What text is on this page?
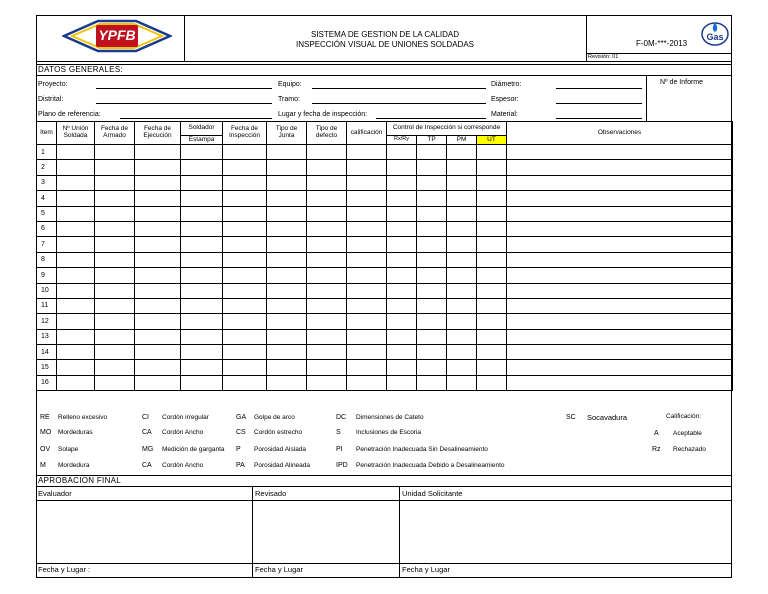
YPFB	SISTEMA DE GESTION DE LA CALIDAD
INSPECCIÓN VISUAL DE UNIONES SOLDADAS	F-0M-***-2013
Gas
Revisión: 01
DATOS GENERALES:
Proyecto:
Distrital:
Plano de referencia:
Equipo:
Tramo:
Lugar y fecha de inspección:
Diámetro:
Espesor:
Material:
Nº de Informe
Item	Nº Unión Soldada	Fecha de Armado	Fecha de Ejecución	Soldador	Fecha de Inspección	Tipo de Junta	Tipo de defecto	calificación	Control de Inspección si corresponde				Observaciones
				Estampa					Rx/Ry	TP	PM	UT	
1													
2													
3													
4													
5													
6													
7													
8													
9													
10													
11													
12													
13													
14													
15													
16													
RE Relleno excesivo
MO Mordeduras
OV Solape
M Mordedura
CI Cordón irregular
CA Cordón Ancho
MG Medición de garganta
CA Cordón Ancho
GA Golpe de arco
CS Cordón estrecho
P Porosidad Aislada
PA Porosidad Alineada
DC Dimensiones de Cateto
S Inclusiones de Escoria
PI Penetración Inadecuada Sin Desalineamiento
IPD Penetración Inadecuada Debido a Desalineamiento
SC Socavadura	Calificación:
A Aceptable
Rz Rechazado
APROBACION FINAL
Evaluador	Revisado	Unidad Solicitante
Fecha y Lugar :	Fecha y Lugar	Fecha y Lugar
